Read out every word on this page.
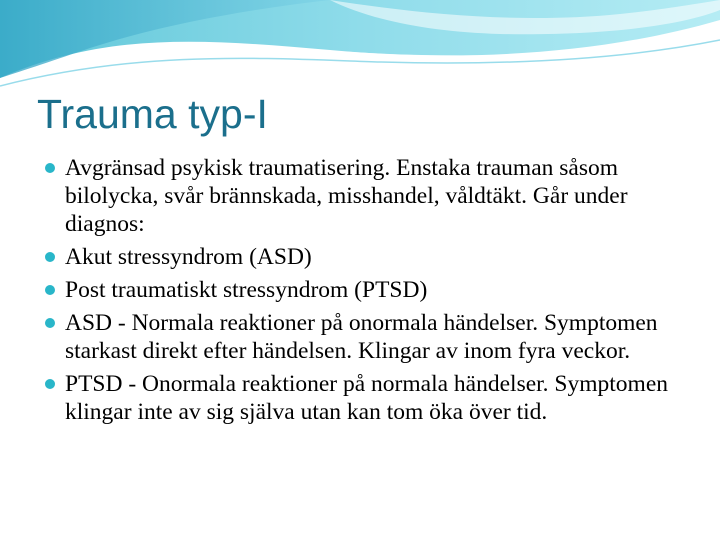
Trauma typ-I
Avgränsad psykisk traumatisering. Enstaka trauman såsom bilolycka, svår brännskada, misshandel, våldtäkt. Går under diagnos:
Akut stressyndrom (ASD)
Post traumatiskt stressyndrom (PTSD)
ASD - Normala reaktioner på onormala händelser. Symptomen starkast direkt efter händelsen. Klingar av inom fyra veckor.
PTSD - Onormala reaktioner på normala händelser. Symptomen klingar inte av sig själva utan kan tom öka över tid.
